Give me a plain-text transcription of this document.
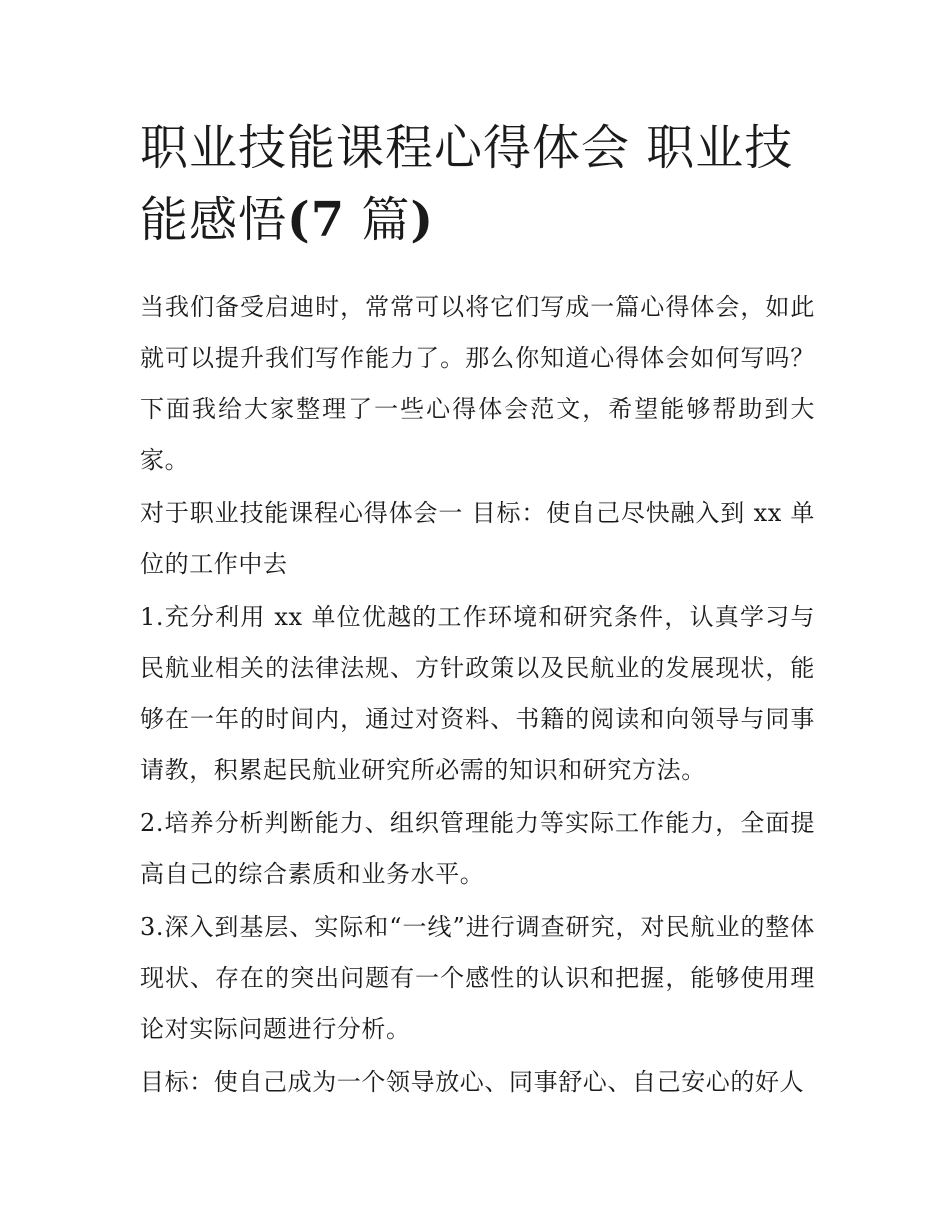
职业技能课程心得体会 职业技能感悟(7 篇)

当我们备受启迪时，常常可以将它们写成一篇心得体会，如此就可以提升我们写作能力了。那么你知道心得体会如何写吗？下面我给大家整理了一些心得体会范文，希望能够帮助到大家。

对于职业技能课程心得体会一 目标：使自己尽快融入到 xx 单位的工作中去

1.充分利用 xx 单位优越的工作环境和研究条件，认真学习与民航业相关的法律法规、方针政策以及民航业的发展现状，能够在一年的时间内，通过对资料、书籍的阅读和向领导与同事请教，积累起民航业研究所必需的知识和研究方法。

2.培养分析判断能力、组织管理能力等实际工作能力，全面提高自己的综合素质和业务水平。

3.深入到基层、实际和“一线”进行调查研究，对民航业的整体现状、存在的突出问题有一个感性的认识和把握，能够使用理论对实际问题进行分析。

目标：使自己成为一个领导放心、同事舒心、自己安心的好人
